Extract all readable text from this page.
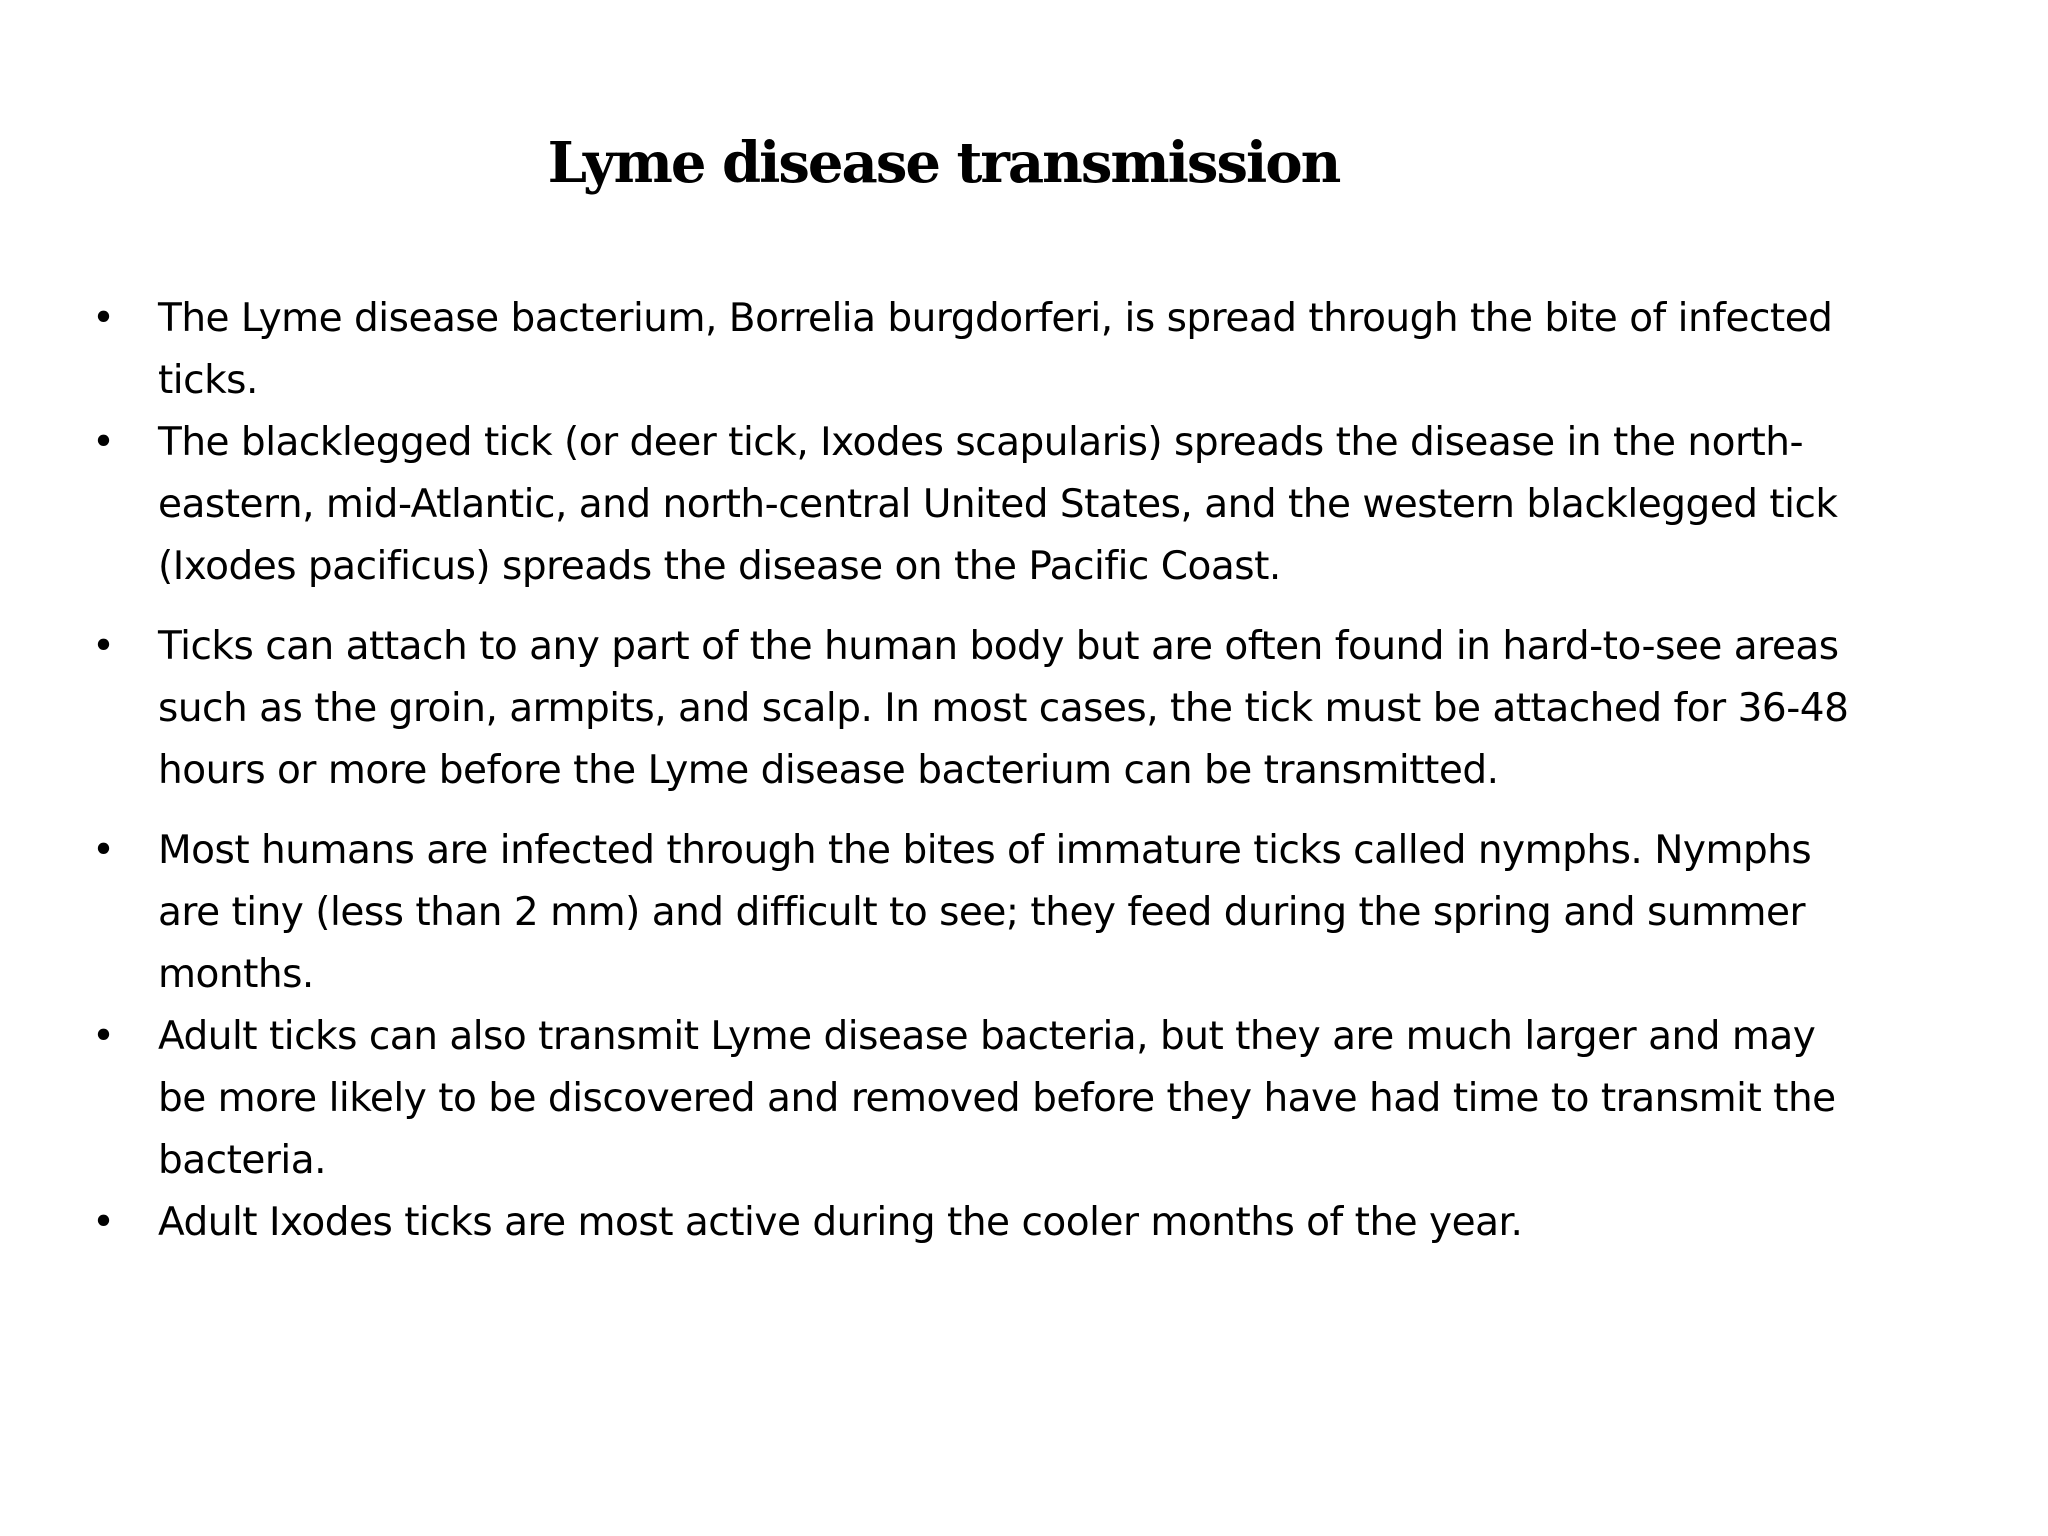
Lyme disease transmission
•	The Lyme disease bacterium, Borrelia burgdorferi, is spread through the bite of infected ticks.
•	The blacklegged tick (or deer tick, Ixodes scapularis) spreads the disease in the north-eastern, mid-Atlantic, and north-central United States, and the western blacklegged tick (Ixodes pacificus) spreads the disease on the Pacific Coast.
•	Ticks can attach to any part of the human body but are often found in hard-to-see areas such as the groin, armpits, and scalp. In most cases, the tick must be attached for 36-48 hours or more before the Lyme disease bacterium can be transmitted.
•	Most humans are infected through the bites of immature ticks called nymphs. Nymphs are tiny (less than 2 mm) and difficult to see; they feed during the spring and summer months.
•	Adult ticks can also transmit Lyme disease bacteria, but they are much larger and may be more likely to be discovered and removed before they have had time to transmit the bacteria.
•	Adult Ixodes ticks are most active during the cooler months of the year.
